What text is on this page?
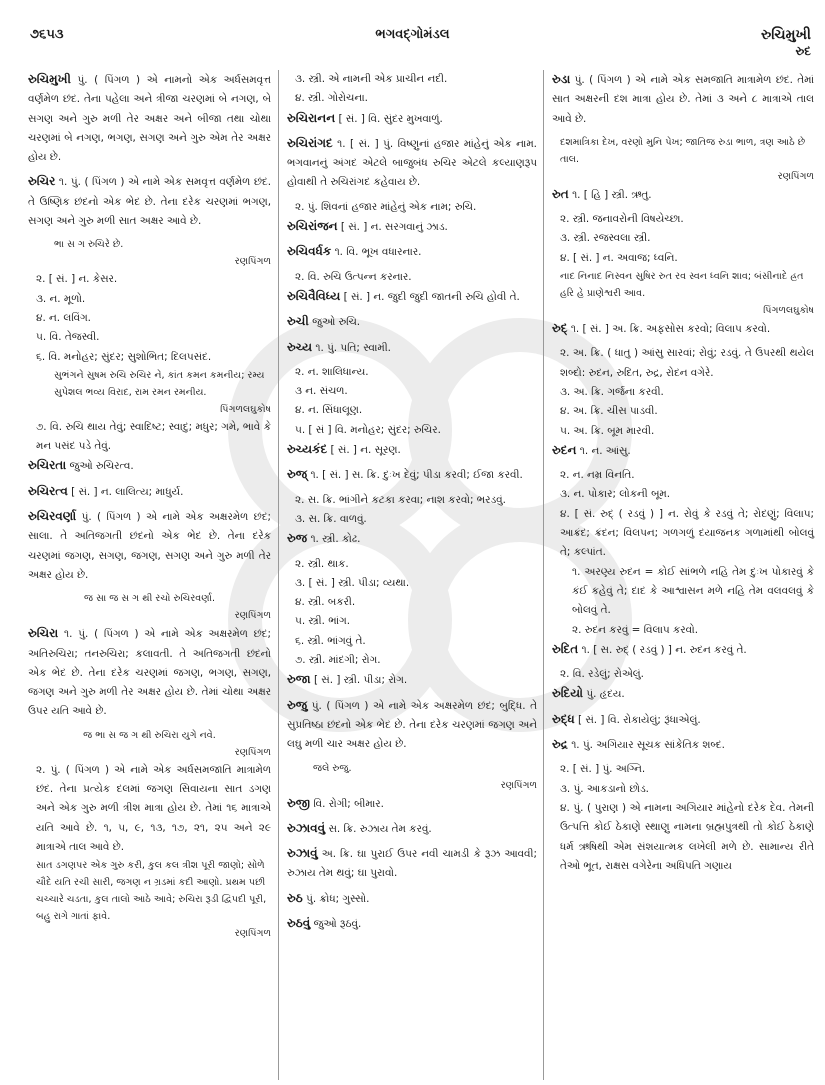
૭૬૫૩	ભગવદ્ગોમંડલ	રુચિમુખી
રુદ
રુચિમુખી પું. ( પિંગળ ) એ નામનો એક અર્ધસમવૃત્ત વર્ણમેળ છંદ. તેના પહેલા અને ત્રીજા ચરણમાં બે નગણ, બે સગણ અને ગુરુ મળી તેર અક્ષર અને બીજા તથા ચોથા ચરણમાં બે નગણ, ભગણ, સગણ અને ગુરુ એમ તેર અક્ષર હોય છે.
રુચિર ૧. પું. ( પિંગળ ) એ નામે એક સમવૃત્ત વર્ણમેળ છંદ. તે ઉષ્ણિક છંદનો એક ભેદ છે. તેના દરેક ચરણમાં ભગણ, સગણ અને ગુરુ મળી સાત અક્ષર આવે છે.
ભા સ ગ રુચિરે છે.
રણપિંગળ
૨. [ સં. ] ન. કેસર.
૩. ન. મૂળો.
૪. ન. લવિંગ.
૫. વિ. તેજસ્વી.
૬. વિ. મનોહર; સુંદર; સુશોભિત; દિલપસંદ.
સુભંગને સુષમ રુચિ રુચિર ને, કાંત કમન કમનીય; રમ્ય સુપેશલ ભવ્ય વિરાદ, રામ રમન રમનીય.
પિંગળલઘુકોષ
૭. વિ. રુચિ થાય તેવું; સ્વાદિષ્ટ; સ્વાદુ; મધુર; ગમે, ભાવે કે મન પસંદ પડે તેવું.
રુચિરતા જુઓ રુચિરત્વ.
રુચિરત્વ [ સં. ] ન. લાલિત્ય; માધુર્ય.
રુચિરવર્ણા પું. ( પિંગળ ) એ નામે એક અક્ષરમેળ છંદ; સાલા. તે અતિજગતી છંદનો એક ભેદ છે. તેના દરેક ચરણમાં જગણ, સગણ, જગણ, સગણ અને ગુરુ મળી તેર અક્ષર હોય છે.
જ સા જ સ ગ થી રચો રુચિરવર્ણા.
રણપિંગળ
રુચિરા ૧. પું. ( પિંગળ ) એ નામે એક અક્ષરમેળ છંદ; અતિરુચિરા; તનરુચિરા; કલાવતી. તે અતિજગતી છંદનો એક ભેદ છે. તેના દરેક ચરણમાં જગણ, ભગણ, સગણ, જગણ અને ગુરુ મળી તેર અક્ષર હોય છે. તેમાં ચોથા અક્ષર ઉપર યતિ આવે છે.
જ ભા સ જ ગ થી રુચિરા યુગે નવે.
રણપિંગળ
૨. પું. ( પિંગળ ) એ નામે એક અર્ધસમજાતિ માત્રામેળ છંદ. તેના પ્રત્યેક દલમાં જગણ સિવાયના સાત ડગણ અને એક ગુરુ મળી ત્રીશ માત્રા હોય છે. તેમાં ૧૬ માત્રાએ યતિ આવે છે. ૧, ૫, ૯, ૧૩, ૧૭, ૨૧, ૨૫ અને ૨૯ માત્રાએ તાલ આવે છે.
સાત ડગણપર એક ગુરુ કરી, કુલ કલ ત્રીશ પૂરી જાણો; સોળે ચૌદે યતિ રચી સારી, જગણ ન ગ્રડમાં કદી આણો. પ્રથમ પછી ચચ્ચારે ચડતા, કુલ તાલો આઠે આવે; રુચિરા રૂડી દ્વિપદી પૂરી, બહુ રાગે ગાતાં ફાવે.
રણપિંગળ
૩. સ્ત્રી. એ નામની એક પ્રાચીન નદી.
૪. સ્ત્રી. ગોરોચના.
રુચિરાનન [ સં. ] વિ. સુંદર મુખવાળું.
રુચિરાંગદ ૧. [ સં. ] પું. વિષ્ણુનાં હજાર માંહેનું એક નામ. ભગવાનનું અંગદ એટલે બાજુબંધ રુચિર એટલે કલ્યાણરૂપ હોવાથી તે રુચિરાંગદ કહેવાય છે.
૨. પું. શિવનાં હજાર માંહેનું એક નામ; રુચિ.
રુચિરાંજન [ સં. ] ન. સરગવાનું ઝાડ.
રુચિવર્ધક ૧. વિ. ભૂખ વધારનાર.
૨. વિ. રુચિ ઉત્પન્ન કરનાર.
રુચિવૈવિધ્ય [ સં. ] ન. જુદી જુદી જાતની રુચિ હોવી તે.
રુચી જુઓ રુચિ.
રુચ્ય ૧. પું. પતિ; સ્વામી.
૨. ન. શાલિધાન્ય.
૩ ન. સંચળ.
૪. ન. સિંધાલૂણ.
૫. [ સં ] વિ. મનોહર; સુંદર; રુચિર.
રુચ્યકંદ [ સં. ] ન. સૂરણ.
રુજ્ ૧. [ સં. ] સ. ક્રિ. દુઃખ દેવું; પીડા કરવી; ઈજા કરવી.
૨. સ. ક્રિ. ભાંગીને કટકા કરવા; નાશ કરવો; ભરડવું.
૩. સ. ક્રિ. વાળવું.
રુજ ૧. સ્ત્રી. કોઢ.
૨. સ્ત્રી. થાક.
૩. [ સં. ] સ્ત્રી. પીડા; વ્યથા.
૪. સ્ત્રી. બકરી.
૫. સ્ત્રી. ભાંગ.
૬. સ્ત્રી. ભાંગવું તે.
૭. સ્ત્રી. માંદગી; રોગ.
રુજા [ સં. ] સ્ત્રી. પીડા; રોગ.
રુજુ પું. ( પિંગળ ) એ નામે એક અક્ષરમેળ છંદ; બુદ્ધિ. તે સુપ્રતિષ્ઠા છંદનો એક ભેદ છે. તેના દરેક ચરણમાં જગણ અને લઘુ મળી ચાર અક્ષર હોય છે.
જલે રુજુ.
રણપિંગળ
રુજી વિ. રોગી; બીમાર.
રુઝાવવું સ. ક્રિ. રુઝાય તેમ કરવું.
રુઝાવું અ. ક્રિ. ઘા પુરાઈ ઉપર નવી ચામડી કે રૂઝ આવવી; રુઝાય તેમ થવું; ઘા પુરાવો.
રુઠ પું. ક્રોધ; ગુસ્સો.
રુઠવું જુઓ રૂઠવું.
રુડા પું. ( પિંગળ ) એ નામે એક સમજાતિ માત્રામેળ છંદ. તેમાં સાત અક્ષરની દશ માત્રા હોય છે. તેમાં ૩ અને ૮ માત્રાએ તાલ આવે છે.
દશમાત્રિકા દેખ, વરણો મુનિ પેખ; જાતિજ રુડા ભાળ, ત્રણ આઠે છે તાલ.
રણપિંગળ
રુત ૧. [ હિ ] સ્ત્રી. ઋતુ.
૨. સ્ત્રી. જનાવરોની વિષયેચ્છા.
૩. સ્ત્રી. રજસ્વલા સ્ત્રી.
૪. [ સં. ] ન. અવાજ; ધ્વનિ.
નાદ નિનાદ નિસ્વન સુષિર રુત રવ સ્વન ધ્વનિ શાવ; બંસીનાદે હ્રત હરિ હે પ્રાણેશ્વરી આવ.
પિંગળલઘુકોષ
રુદ્ ૧. [ સં. ] અ. ક્રિ. અફસોસ કરવો; વિલાપ કરવો.
૨. અ. ક્રિ. ( ધાતુ ) આંસુ સારવાં; રોવું; રડવું. તે ઉપરથી થયેલ શબ્દો: રુદન, રુદિત, રુદ્ર, રોદન વગેરે.
૩. અ. ક્રિ. ગર્જના કરવી.
૪. અ. ક્રિ. ચીસ પાડવી.
૫. અ. ક્રિ. બૂમ મારવી.
રુદન ૧. ન. આંસુ.
૨. ન. નમ્ર વિનતિ.
૩. ન. પોકાર; લોકની બૂમ.
૪. [ સં. રુદ્ ( રડવું ) ] ન. રોવું કે રડવું તે; રોદણું; વિલાપ; આક્રંદ; ક્રંદન; વિલપન; ગળગળું દયાજનક ગળામાંથી બોલવું તે; કલ્પાંત.
૧. અરણ્ય રુદન = કોઈ સાંભળે નહિ તેમ દુઃખ પોકારવું કે કંઈ કહેવું તે; દાદ કે આશ્વાસન મળે નહિ તેમ વલવલવું કે બોલવું તે.
૨. રુદન કરવું = વિલાપ કરવો.
રુદિત ૧. [ સ. રુદ્ ( રડવું ) ] ન. રુદન કરવું તે.
૨. વિ. રડેલું; રોએલું.
રુદિયો પું. હૃદય.
રુદ્ધ [ સં. ] વિ. રોકાયેલું; રૂંધાએલું.
રુદ્ર ૧. પું. અગિયાર સૂચક સાંકેતિક શબ્દ.
૨. [ સં. ] પું. અગ્નિ.
૩. પું. આકડાનો છોડ.
૪. પું. ( પુરાણ ) એ નામના અગિયાર માંહેનો દરેક દેવ. તેમની ઉત્પત્તિ કોઈ ઠેકાણે સ્થાણુ નામના બ્રહ્મપુત્રથી તો કોઈ ઠેકાણે ધર્મ ઋષિથી એમ સંશયાત્મક લખેલી મળે છે. સામાન્ય રીતે તેઓ ભૂત, રાક્ષસ વગેરેના અધિપતિ ગણાય
